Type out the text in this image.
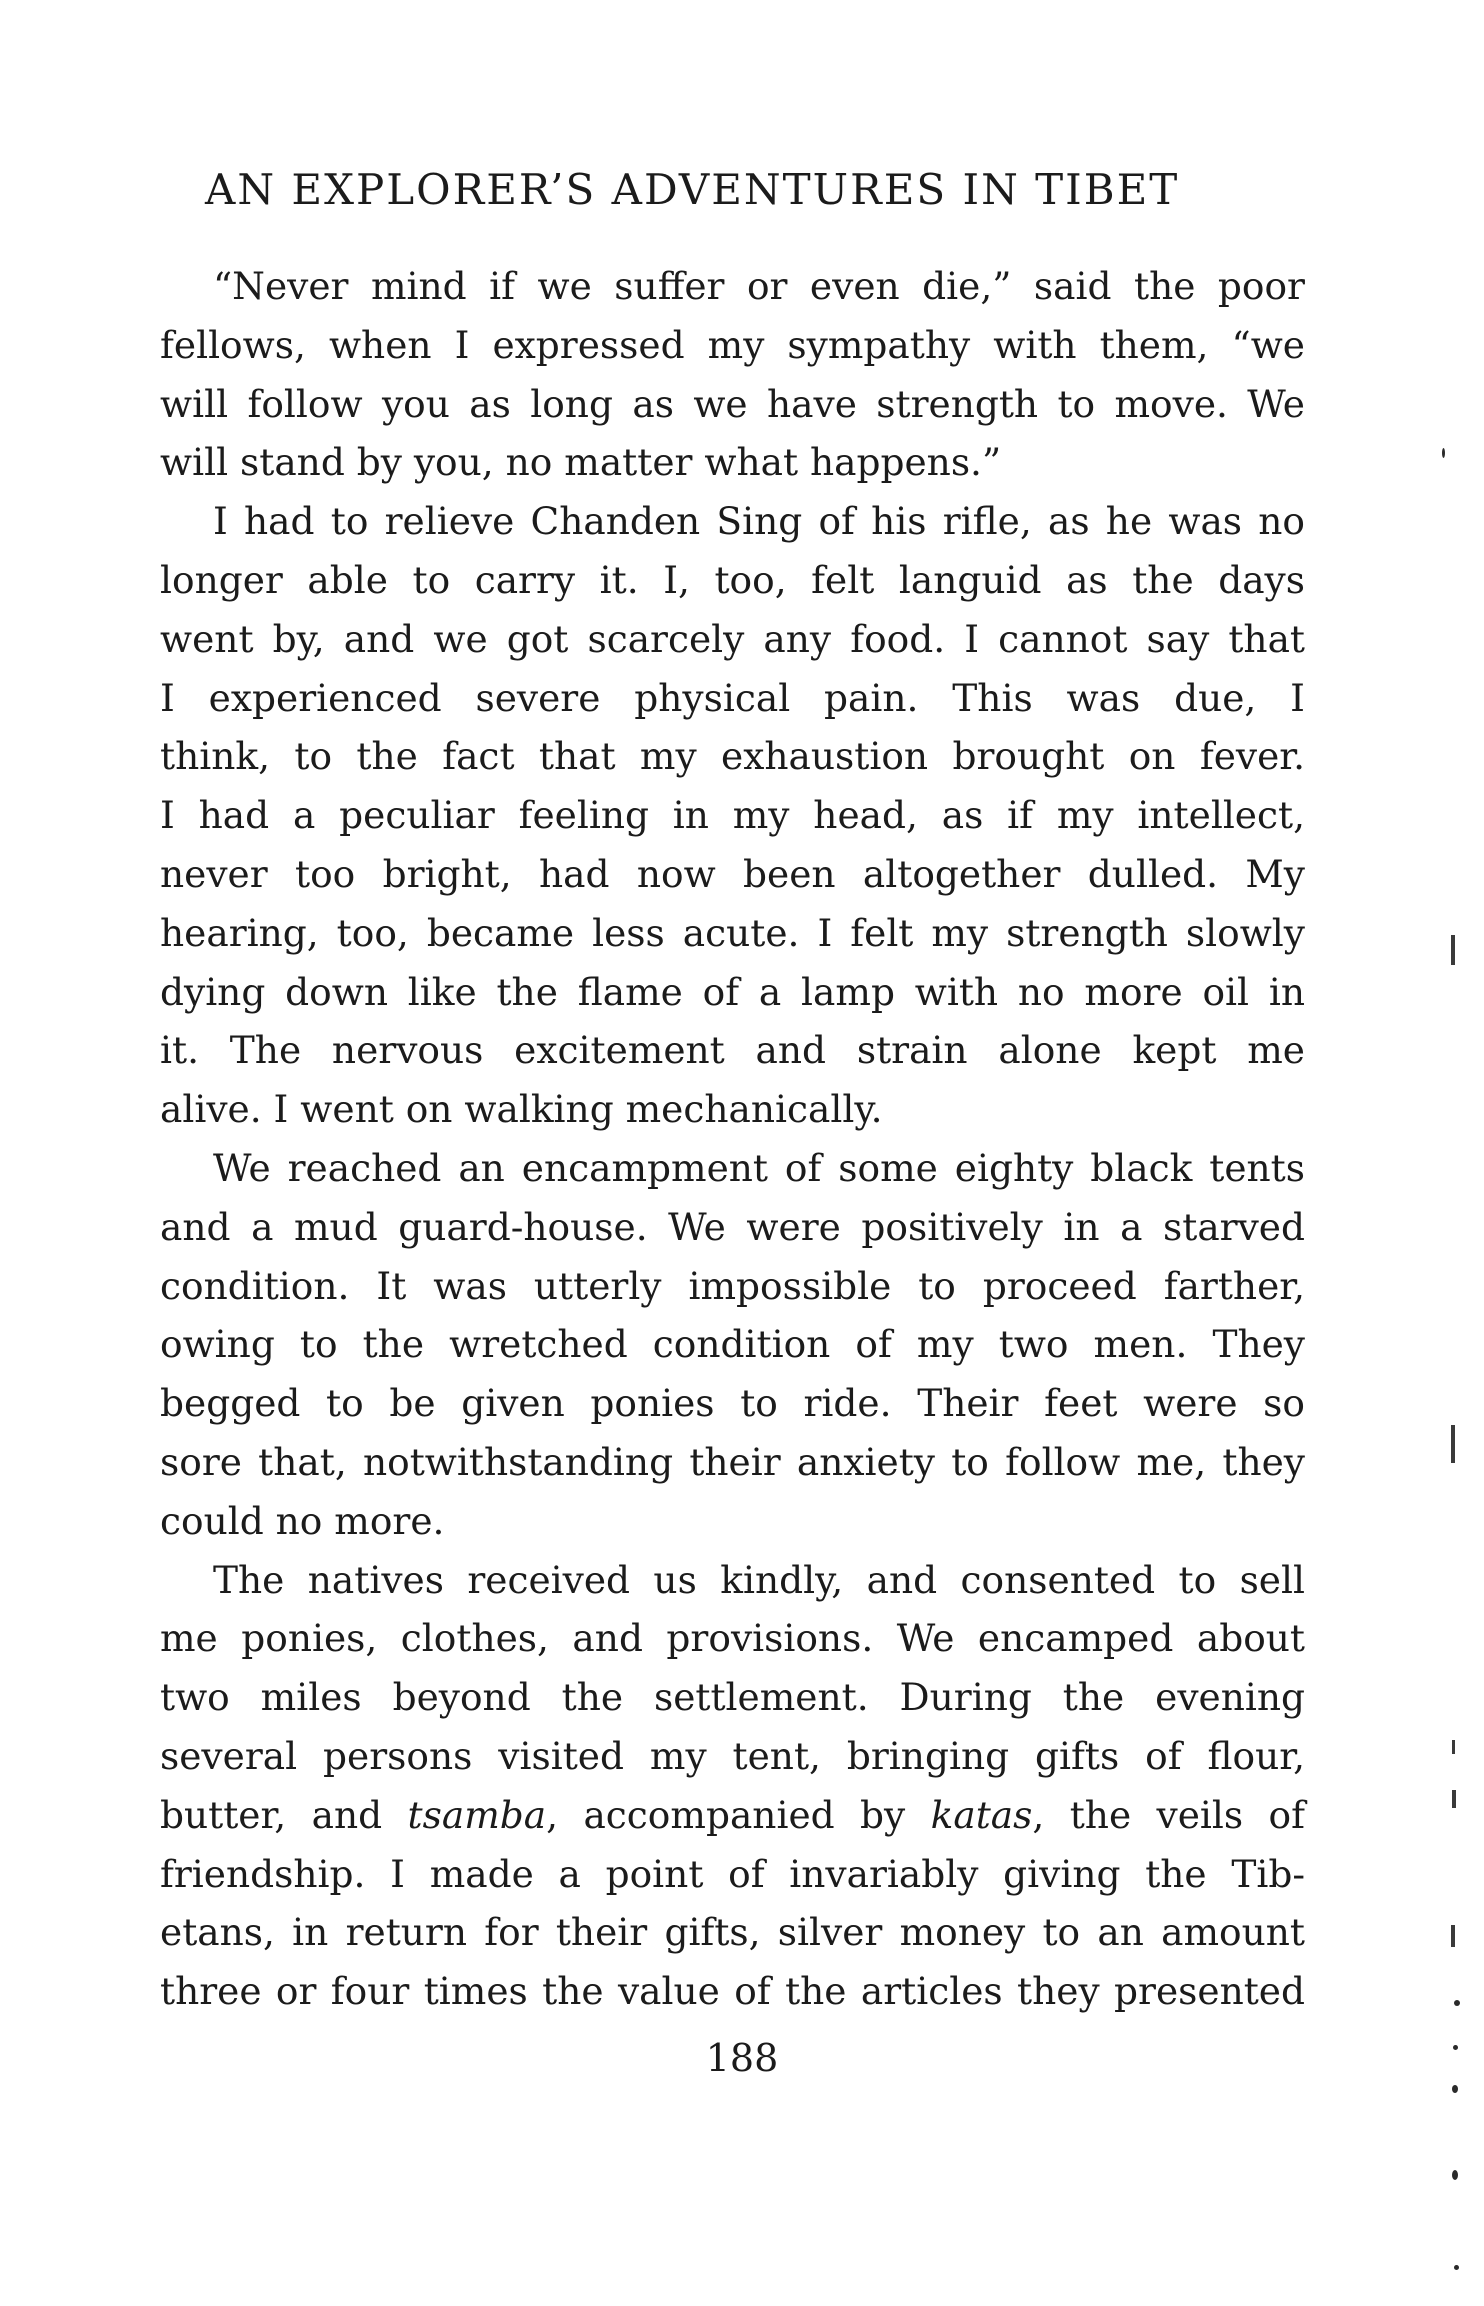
AN EXPLORER’S ADVENTURES IN TIBET
“Never mind if we suffer or even die,” said the poor
fellows, when I expressed my sympathy with them, “we
will follow you as long as we have strength to move. We
will stand by you, no matter what happens.”
I had to relieve Chanden Sing of his rifle, as he was no
longer able to carry it. I, too, felt languid as the days
went by, and we got scarcely any food. I cannot say that
I experienced severe physical pain. This was due, I
think, to the fact that my exhaustion brought on fever.
I had a peculiar feeling in my head, as if my intellect,
never too bright, had now been altogether dulled. My
hearing, too, became less acute. I felt my strength slowly
dying down like the flame of a lamp with no more oil in
it. The nervous excitement and strain alone kept me
alive. I went on walking mechanically.
We reached an encampment of some eighty black tents
and a mud guard-house. We were positively in a starved
condition. It was utterly impossible to proceed farther,
owing to the wretched condition of my two men. They
begged to be given ponies to ride. Their feet were so
sore that, notwithstanding their anxiety to follow me, they
could no more.
The natives received us kindly, and consented to sell
me ponies, clothes, and provisions. We encamped about
two miles beyond the settlement. During the evening
several persons visited my tent, bringing gifts of flour,
butter, and tsamba, accompanied by katas, the veils of
friendship. I made a point of invariably giving the Tib-
etans, in return for their gifts, silver money to an amount
three or four times the value of the articles they presented
188
